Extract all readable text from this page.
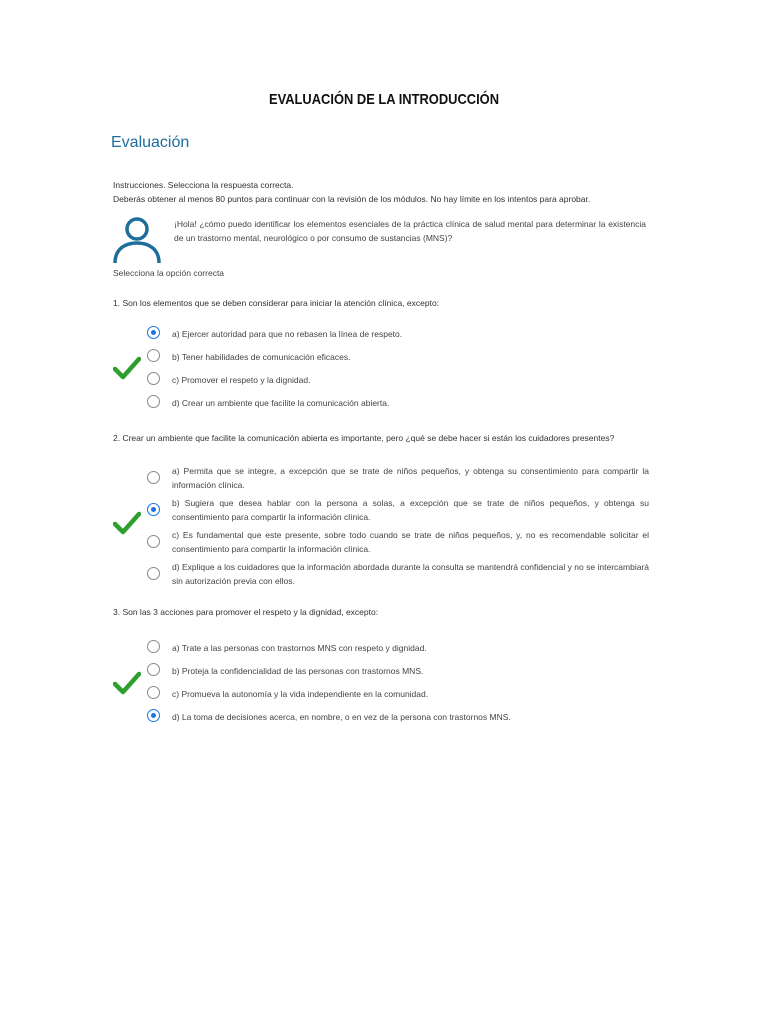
EVALUACIÓN DE LA INTRODUCCIÓN
Evaluación
Instrucciones. Selecciona la respuesta correcta.
Deberás obtener al menos 80 puntos para continuar con la revisión de los módulos. No hay límite en los intentos para aprobar.
¡Hola! ¿cómo puedo identificar los elementos esenciales de la práctica clínica de salud mental para determinar la existencia de un trastorno mental, neurológico o por consumo de sustancias (MNS)?
Selecciona la opción correcta
1. Son los elementos que se deben considerar para iniciar la atención clínica, excepto:
a) Ejercer autoridad para que no rebasen la línea de respeto.
b) Tener habilidades de comunicación eficaces.
c) Promover el respeto y la dignidad.
d) Crear un ambiente que facilite la comunicación abierta.
2. Crear un ambiente que facilite la comunicación abierta es importante, pero ¿qué se debe hacer si están los cuidadores presentes?
a) Permita que se integre, a excepción que se trate de niños pequeños, y obtenga su consentimiento para compartir la información clínica.
b) Sugiera que desea hablar con la persona a solas, a excepción que se trate de niños pequeños, y obtenga su consentimiento para compartir la información clínica.
c) Es fundamental que este presente, sobre todo cuando se trate de niños pequeños, y, no es recomendable solicitar el consentimiento para compartir la información clínica.
d) Explique a los cuidadores que la información abordada durante la consulta se mantendrá confidencial y no se intercambiará sin autorización previa con ellos.
3. Son las 3 acciones para promover el respeto y la dignidad, excepto:
a) Trate a las personas con trastornos MNS con respeto y dignidad.
b) Proteja la confidencialidad de las personas con trastornos MNS.
c) Promueva la autonomía y la vida independiente en la comunidad.
d) La toma de decisiones acerca, en nombre, o en vez de la persona con trastornos MNS.
